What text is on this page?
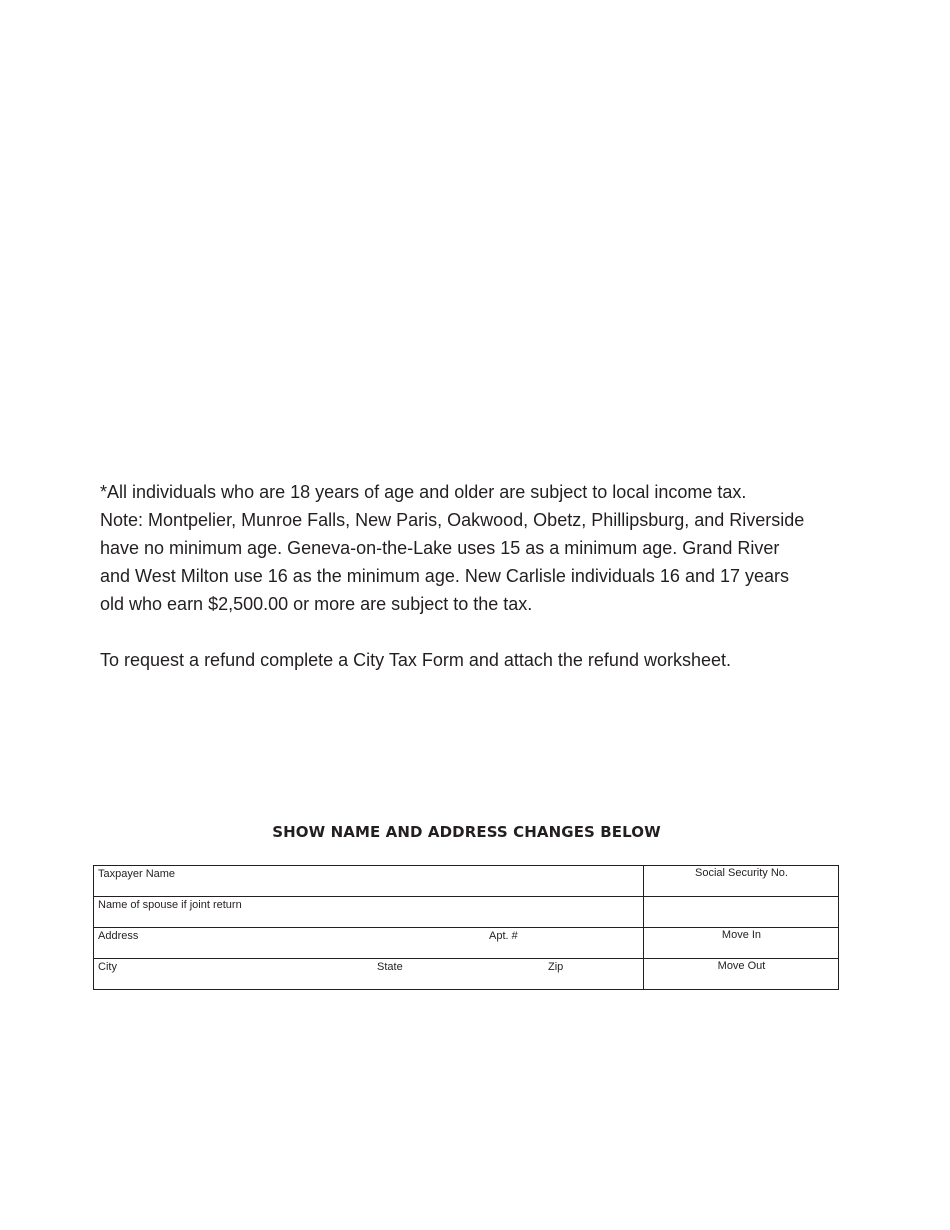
*All individuals who are 18 years of age and older are subject to local income tax.

Note: Montpelier, Munroe Falls, New Paris, Oakwood, Obetz, Phillipsburg, and Riverside

have no minimum age. Geneva-on-the-Lake uses 15 as a minimum age. Grand River

and West Milton use 16 as the minimum age. New Carlisle individuals 16 and 17 years

old who earn $2,500.00 or more are subject to the tax.

To request a refund complete a City Tax Form and attach the refund worksheet.

SHOW NAME AND ADDRESS CHANGES BELOW
Taxpayer Name	Social Security No.
Name of spouse if joint return
Address	Apt. #	Move In
City	State	Zip	Move Out
